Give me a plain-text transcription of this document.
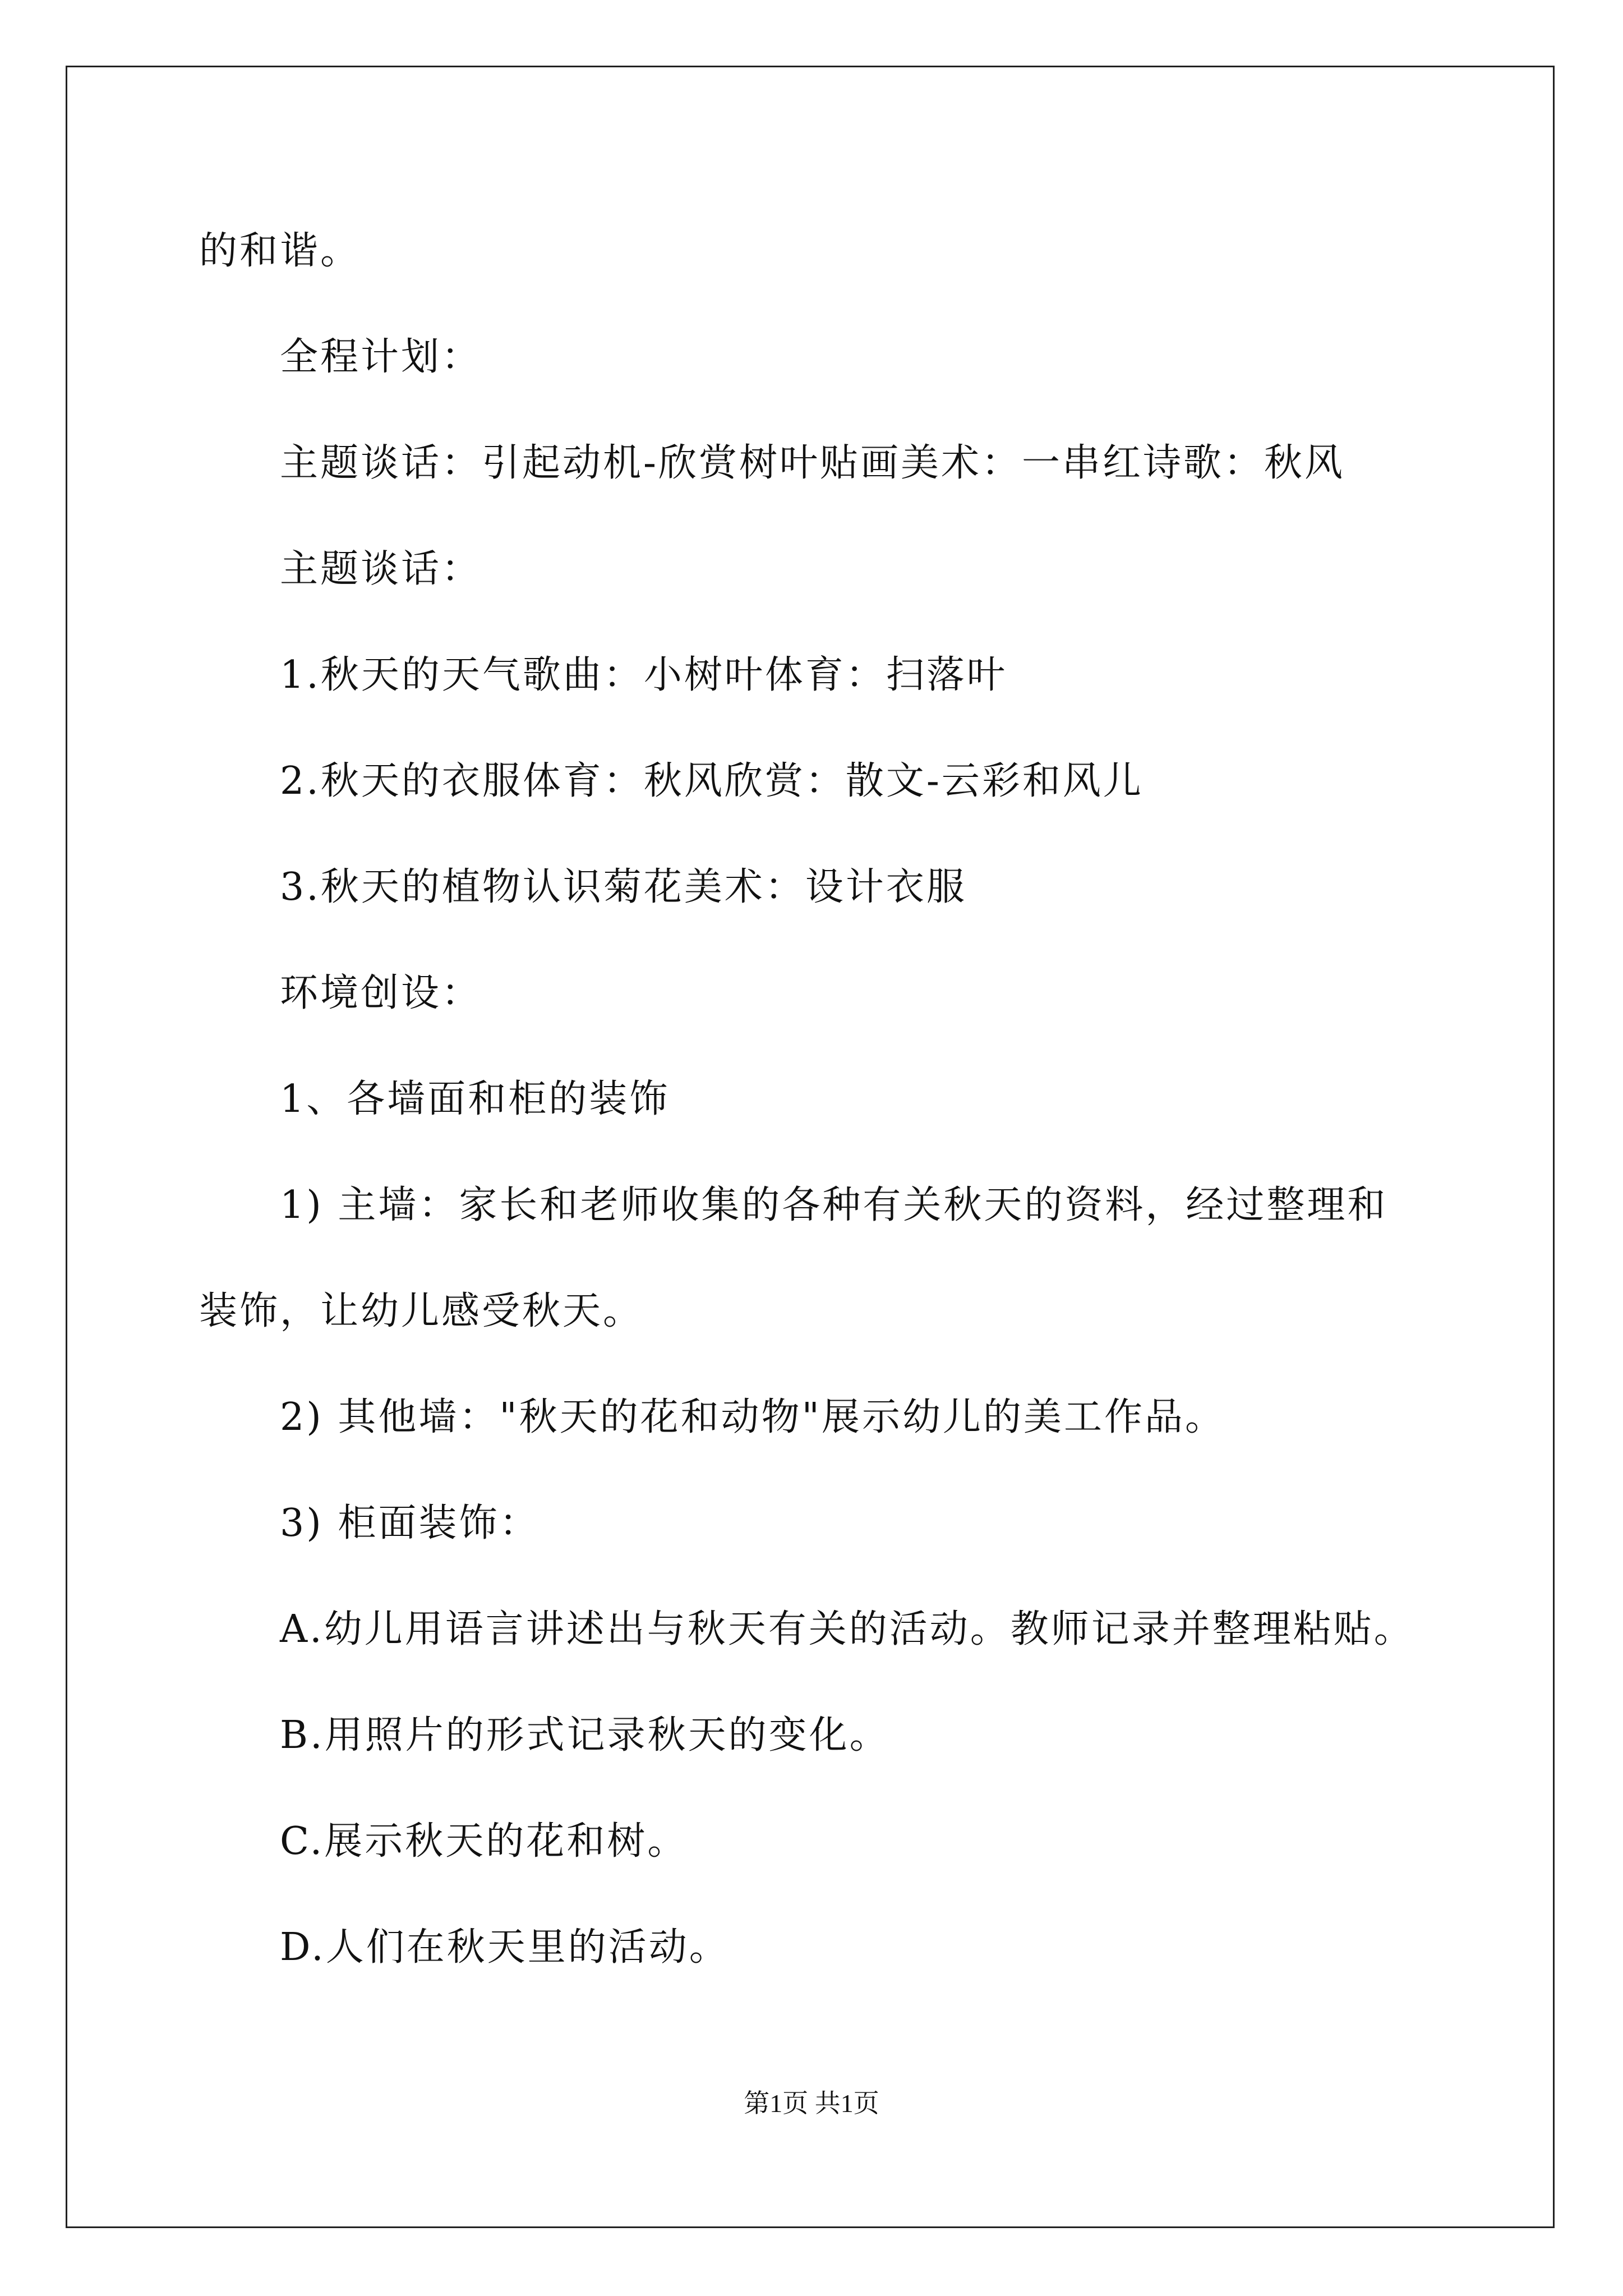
的和谐。
全程计划：
主题谈话：引起动机-欣赏树叶贴画美术：一串红诗歌：秋风
主题谈话：
1.秋天的天气歌曲：小树叶体育：扫落叶
2.秋天的衣服体育：秋风欣赏：散文-云彩和风儿
3.秋天的植物认识菊花美术：设计衣服
环境创设：
1、各墙面和柜的装饰
1) 主墙：家长和老师收集的各种有关秋天的资料，经过整理和
装饰，让幼儿感受秋天。
2) 其他墙："秋天的花和动物"展示幼儿的美工作品。
3) 柜面装饰：
A.幼儿用语言讲述出与秋天有关的活动。教师记录并整理粘贴。
B.用照片的形式记录秋天的变化。
C.展示秋天的花和树。
D.人们在秋天里的活动。
第1页 共1页
